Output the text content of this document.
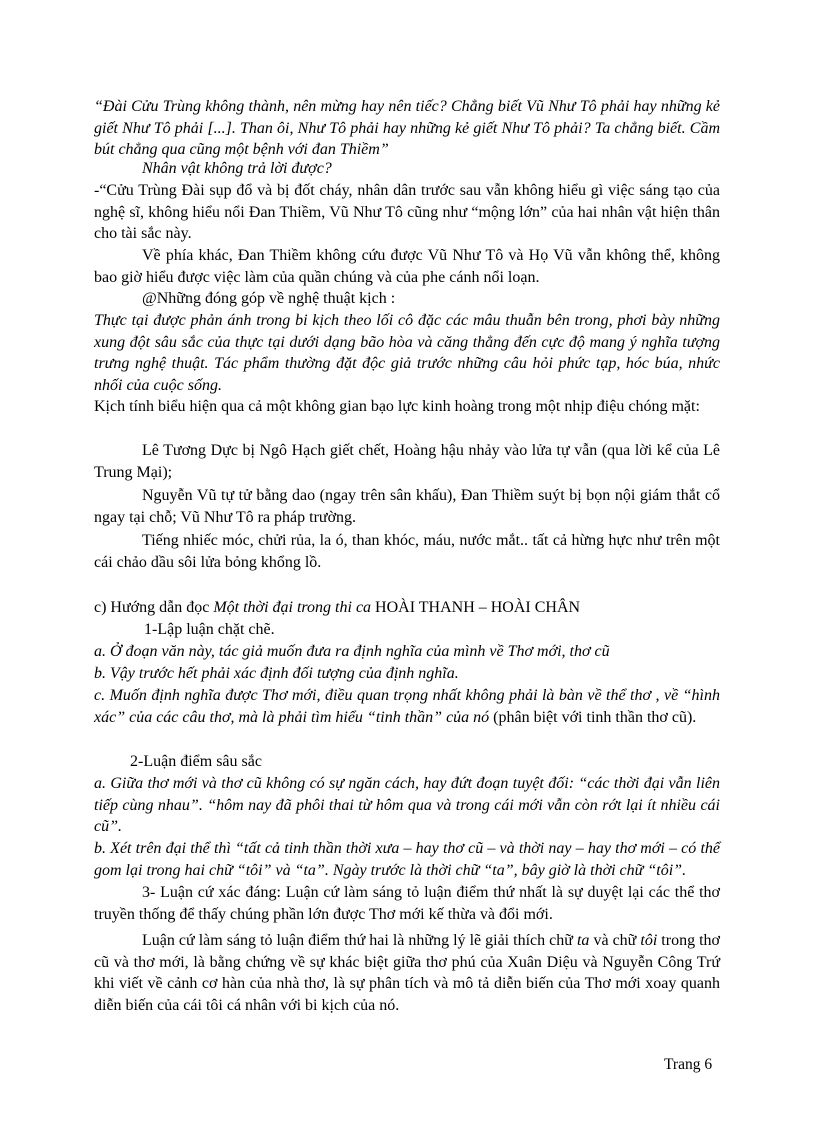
“Đài Cửu Trùng không thành, nên mừng hay nên tiếc? Chẳng biết Vũ Như Tô phải hay những kẻ giết Như Tô phải [...]. Than ôi, Như Tô phải hay những kẻ giết Như Tô phải? Ta chẳng biết. Cầm bút chẳng qua cũng một bệnh với đan Thiềm”

Nhân vật không trả lời được?

-“Cửu Trùng Đài sụp đổ và bị đốt cháy, nhân dân trước sau vẫn không hiểu gì việc sáng tạo của nghệ sĩ, không hiểu nổi Đan Thiềm, Vũ Như Tô cũng như “mộng lớn” của hai nhân vật hiện thân cho tài sắc này.

Về phía khác, Đan Thiềm không cứu được Vũ Như Tô và Họ Vũ vẫn không thể, không bao giờ hiểu được việc làm của quần chúng và của phe cánh nổi loạn.

@Những đóng góp về nghệ thuật kịch :

Thực tại được phản ánh trong bi kịch theo lối cô đặc các mâu thuẫn bên trong, phơi bày những xung đột sâu sắc của thực tại dưới dạng bão hòa và căng thẳng đến cực độ mang ý nghĩa tượng trưng nghệ thuật. Tác phẩm thường đặt độc giả trước những câu hỏi phức tạp, hóc búa, nhức nhối của cuộc sống.

Kịch tính biểu hiện qua cả một không gian bạo lực kinh hoàng trong một nhịp điệu chóng mặt:

Lê Tương Dực bị Ngô Hạch giết chết, Hoàng hậu nhảy vào lửa tự vẫn (qua lời kể của Lê Trung Mại);

Nguyễn Vũ tự tử bằng dao (ngay trên sân khấu), Đan Thiềm suýt bị bọn nội giám thắt cổ ngay tại chỗ; Vũ Như Tô ra pháp trường.

Tiếng nhiếc móc, chửi rủa, la ó, than khóc, máu, nước mắt.. tất cả hừng hực như trên một cái chảo dầu sôi lửa bỏng khổng lồ.

c) Hướng dẫn đọc Một thời đại trong thi ca HOÀI THANH – HOÀI CHÂN

1-Lập luận chặt chẽ.

a. Ở đoạn văn này, tác giả muốn đưa ra định nghĩa của mình về Thơ mới, thơ cũ

b. Vậy trước hết phải xác định đối tượng của định nghĩa.

c. Muốn định nghĩa được Thơ mới, điều quan trọng nhất không phải là bàn về thể thơ , về “hình xác” của các câu thơ, mà là phải tìm hiểu “tinh thần” của nó (phân biệt với tinh thần thơ cũ).

2-Luận điểm sâu sắc

a. Giữa thơ mới và thơ cũ không có sự ngăn cách, hay đứt đoạn tuyệt đối: “các thời đại vẫn liên tiếp cùng nhau”. “hôm nay đã phôi thai từ hôm qua và trong cái mới vẫn còn rớt lại ít nhiều cái cũ”.

b. Xét trên đại thể thì “tất cả tinh thần thời xưa – hay thơ cũ – và thời nay – hay thơ mới – có thể gom lại trong hai chữ “tôi” và “ta”. Ngày trước là thời chữ “ta”, bây giờ là thời chữ “tôi”.

3- Luận cứ xác đáng: Luận cứ làm sáng tỏ luận điểm thứ nhất là sự duyệt lại các thể thơ truyền thống để thấy chúng phần lớn được Thơ mới kế thừa và đổi mới.

Luận cứ làm sáng tỏ luận điểm thứ hai là những lý lẽ giải thích chữ ta và chữ tôi trong thơ cũ và thơ mới, là bằng chứng về sự khác biệt giữa thơ phú của Xuân Diệu và Nguyễn Công Trứ khi viết về cảnh cơ hàn của nhà thơ, là sự phân tích và mô tả diễn biến của Thơ mới xoay quanh diễn biến của cái tôi cá nhân với bi kịch của nó.

Trang 6
